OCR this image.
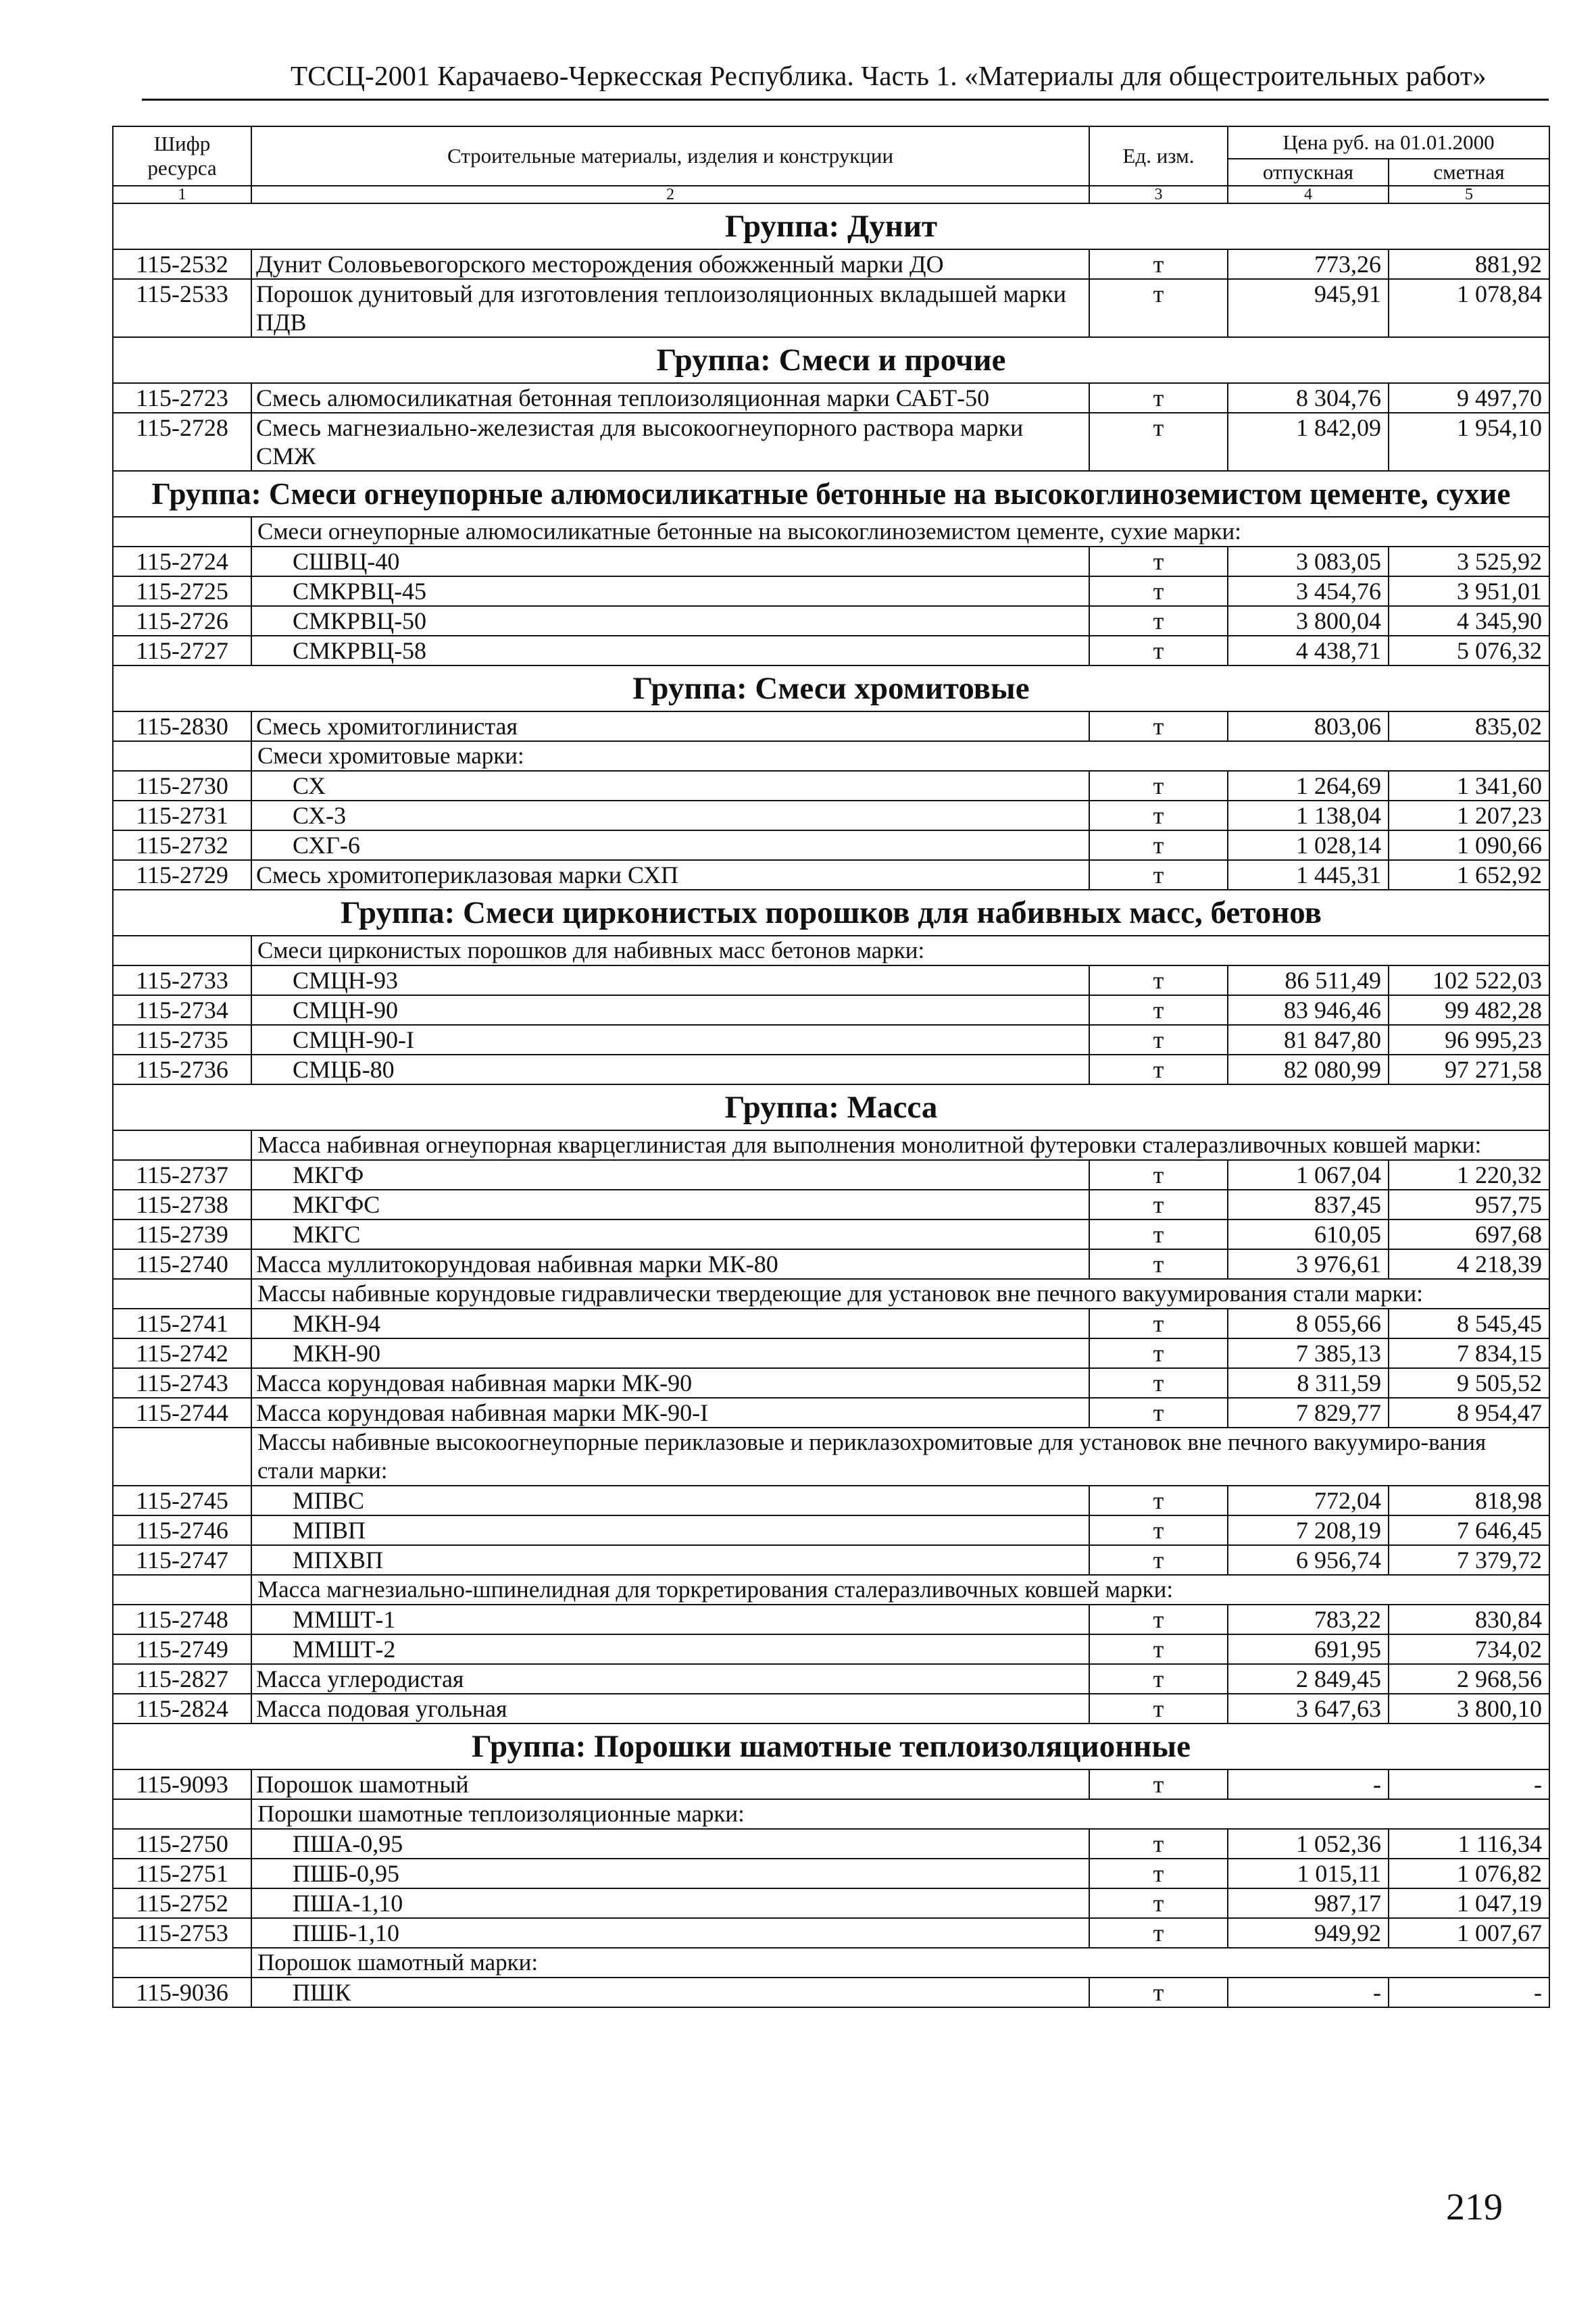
ТССЦ-2001 Карачаево-Черкесская Республика. Часть 1. «Материалы для общестроительных работ»
Шифр ресурса	Строительные материалы, изделия и конструкции	Ед. изм.	Цена руб. на 01.01.2000	
			отпускная	сметная
1	2	3	4	5
Группа: Дунит				
115-2532	Дунит Соловьевогорского месторождения обожженный марки ДО	т	773,26	881,92
115-2533	Порошок дунитовый для изготовления теплоизоляционных вкладышей марки ПДВ	т	945,91	1 078,84
Группа: Смеси и прочие				
115-2723	Смесь алюмосиликатная бетонная теплоизоляционная марки САБТ-50	т	8 304,76	9 497,70
115-2728	Смесь магнезиально-железистая для высокоогнеупорного раствора марки СМЖ	т	1 842,09	1 954,10
Группа: Смеси огнеупорные алюмосиликатные бетонные на высокоглиноземистом цементе, сухие				
	Смеси огнеупорные алюмосиликатные бетонные на высокоглиноземистом цементе, сухие марки:			
115-2724	СШВЦ-40	т	3 083,05	3 525,92
115-2725	СМКРВЦ-45	т	3 454,76	3 951,01
115-2726	СМКРВЦ-50	т	3 800,04	4 345,90
115-2727	СМКРВЦ-58	т	4 438,71	5 076,32
Группа: Смеси хромитовые				
115-2830	Смесь хромитоглинистая	т	803,06	835,02
	Смеси хромитовые марки:			
115-2730	СХ	т	1 264,69	1 341,60
115-2731	СХ-3	т	1 138,04	1 207,23
115-2732	СХГ-6	т	1 028,14	1 090,66
115-2729	Смесь хромитопериклазовая марки СХП	т	1 445,31	1 652,92
Группа: Смеси цирконистых порошков для набивных масс, бетонов				
	Смеси цирконистых порошков для набивных масс бетонов марки:			
115-2733	СМЦН-93	т	86 511,49	102 522,03
115-2734	СМЦН-90	т	83 946,46	99 482,28
115-2735	СМЦН-90-I	т	81 847,80	96 995,23
115-2736	СМЦБ-80	т	82 080,99	97 271,58
Группа: Масса				
	Масса набивная огнеупорная кварцеглинистая для выполнения монолитной футеровки сталеразливочных ковшей марки:			
115-2737	МКГФ	т	1 067,04	1 220,32
115-2738	МКГФС	т	837,45	957,75
115-2739	МКГС	т	610,05	697,68
115-2740	Масса муллитокорундовая набивная марки МК-80	т	3 976,61	4 218,39
	Массы набивные корундовые гидравлически твердеющие для установок вне печного вакуумирования стали марки:			
115-2741	МКН-94	т	8 055,66	8 545,45
115-2742	МКН-90	т	7 385,13	7 834,15
115-2743	Масса корундовая набивная марки МК-90	т	8 311,59	9 505,52
115-2744	Масса корундовая набивная марки МК-90-I	т	7 829,77	8 954,47
	Массы набивные высокоогнеупорные периклазовые и периклазохромитовые для установок вне печного вакуумиро-вания стали марки:			
115-2745	МПВС	т	772,04	818,98
115-2746	МПВП	т	7 208,19	7 646,45
115-2747	МПХВП	т	6 956,74	7 379,72
	Масса магнезиально-шпинелидная для торкретирования сталеразливочных ковшей марки:			
115-2748	ММШТ-1	т	783,22	830,84
115-2749	ММШТ-2	т	691,95	734,02
115-2827	Масса углеродистая	т	2 849,45	2 968,56
115-2824	Масса подовая угольная	т	3 647,63	3 800,10
Группа: Порошки шамотные теплоизоляционные				
115-9093	Порошок шамотный	т	-	-
	Порошки шамотные теплоизоляционные марки:			
115-2750	ПША-0,95	т	1 052,36	1 116,34
115-2751	ПШБ-0,95	т	1 015,11	1 076,82
115-2752	ПША-1,10	т	987,17	1 047,19
115-2753	ПШБ-1,10	т	949,92	1 007,67
	Порошок шамотный марки:			
115-9036	ПШК	т	-	-
219
